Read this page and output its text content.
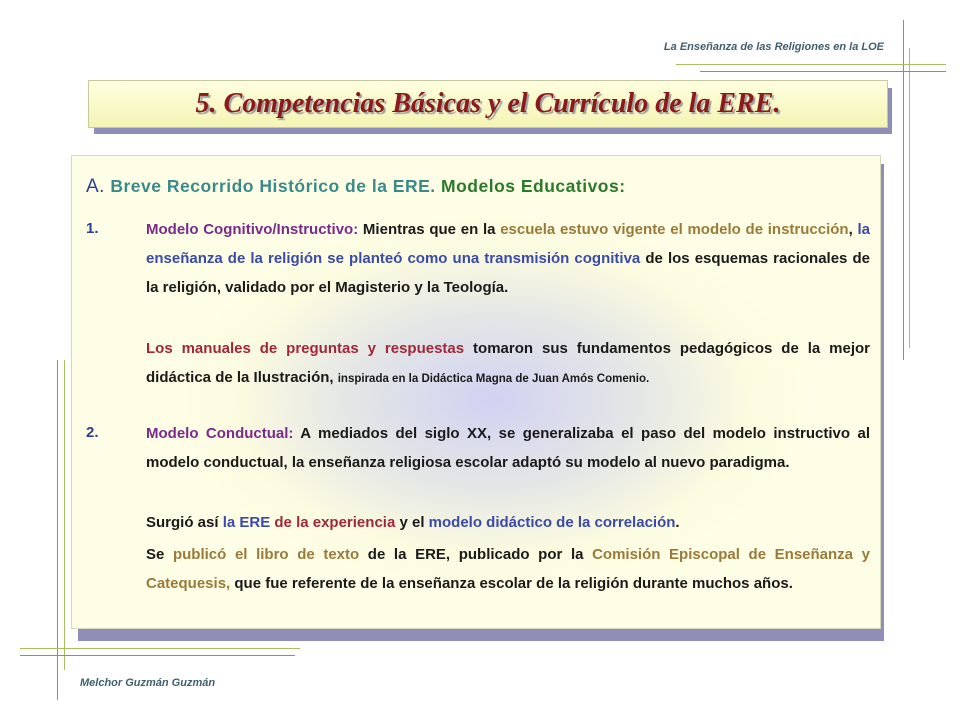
La Enseñanza de las Religiones en la LOE
5. Competencias Básicas y el Currículo de la ERE.
A. Breve Recorrido Histórico de la ERE. Modelos Educativos:
1.	Modelo Cognitivo/Instructivo: Mientras que en la escuela estuvo vigente el modelo de instrucción, la enseñanza de la religión se planteó como una transmisión cognitiva de los esquemas racionales de la religión, validado por el Magisterio y la Teología.
Los manuales de preguntas y respuestas tomaron sus fundamentos pedagógicos de la mejor didáctica de la Ilustración, inspirada en la Didáctica Magna de Juan Amós Comenio.
2.	Modelo Conductual: A mediados del siglo XX, se generalizaba el paso del modelo instructivo al modelo conductual, la enseñanza religiosa escolar adaptó su modelo al nuevo paradigma.
Surgió así la ERE de la experiencia y el modelo didáctico de la correlación.
Se publicó el libro de texto de la ERE, publicado por la Comisión Episcopal de Enseñanza y Catequesis, que fue referente de la enseñanza escolar de la religión durante muchos años.
Melchor Guzmán Guzmán
